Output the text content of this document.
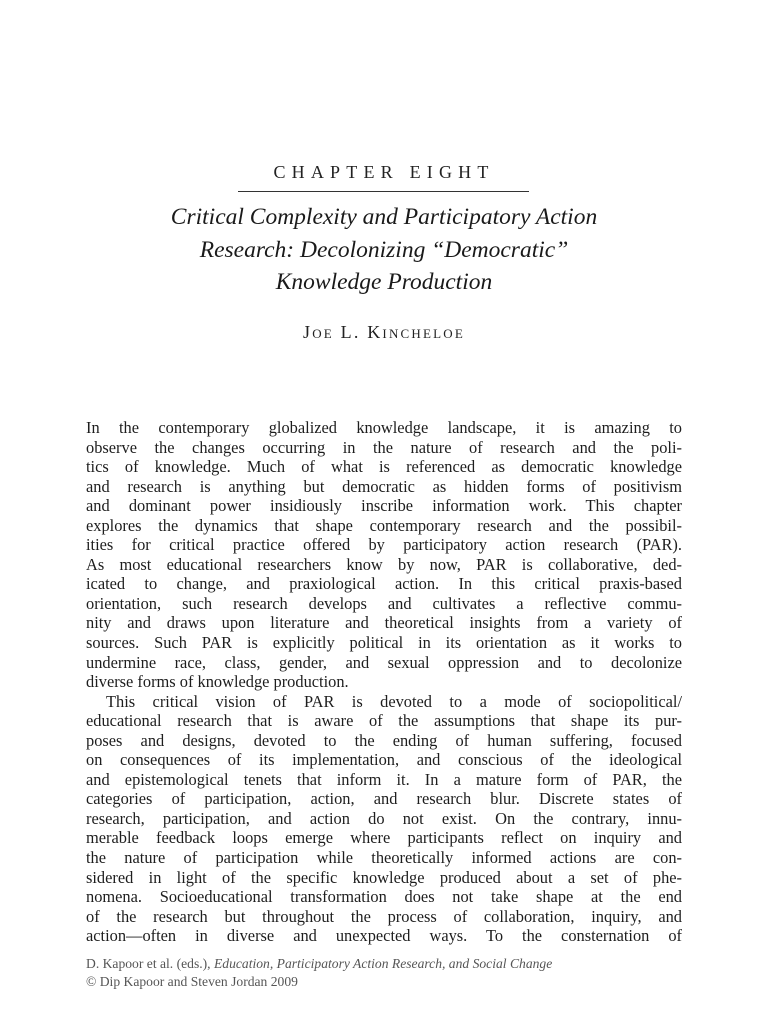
CHAPTER EIGHT
Critical Complexity and Participatory Action
Research: Decolonizing “Democratic”
Knowledge Production
Joe L. Kincheloe
In the contemporary globalized knowledge landscape, it is amazing to
observe the changes occurring in the nature of research and the poli-
tics of knowledge. Much of what is referenced as democratic knowledge
and research is anything but democratic as hidden forms of positivism
and dominant power insidiously inscribe information work. This chapter
explores the dynamics that shape contemporary research and the possibil-
ities for critical practice offered by participatory action research (PAR).
As most educational researchers know by now, PAR is collaborative, ded-
icated to change, and praxiological action. In this critical praxis-based
orientation, such research develops and cultivates a reflective commu-
nity and draws upon literature and theoretical insights from a variety of
sources. Such PAR is explicitly political in its orientation as it works to
undermine race, class, gender, and sexual oppression and to decolonize
diverse forms of knowledge production.
This critical vision of PAR is devoted to a mode of sociopolitical/
educational research that is aware of the assumptions that shape its pur-
poses and designs, devoted to the ending of human suffering, focused
on consequences of its implementation, and conscious of the ideological
and epistemological tenets that inform it. In a mature form of PAR, the
categories of participation, action, and research blur. Discrete states of
research, participation, and action do not exist. On the contrary, innu-
merable feedback loops emerge where participants reflect on inquiry and
the nature of participation while theoretically informed actions are con-
sidered in light of the specific knowledge produced about a set of phe-
nomena. Socioeducational transformation does not take shape at the end
of the research but throughout the process of collaboration, inquiry, and
action—often in diverse and unexpected ways. To the consternation of
D. Kapoor et al. (eds.), Education, Participatory Action Research, and Social Change
© Dip Kapoor and Steven Jordan 2009
